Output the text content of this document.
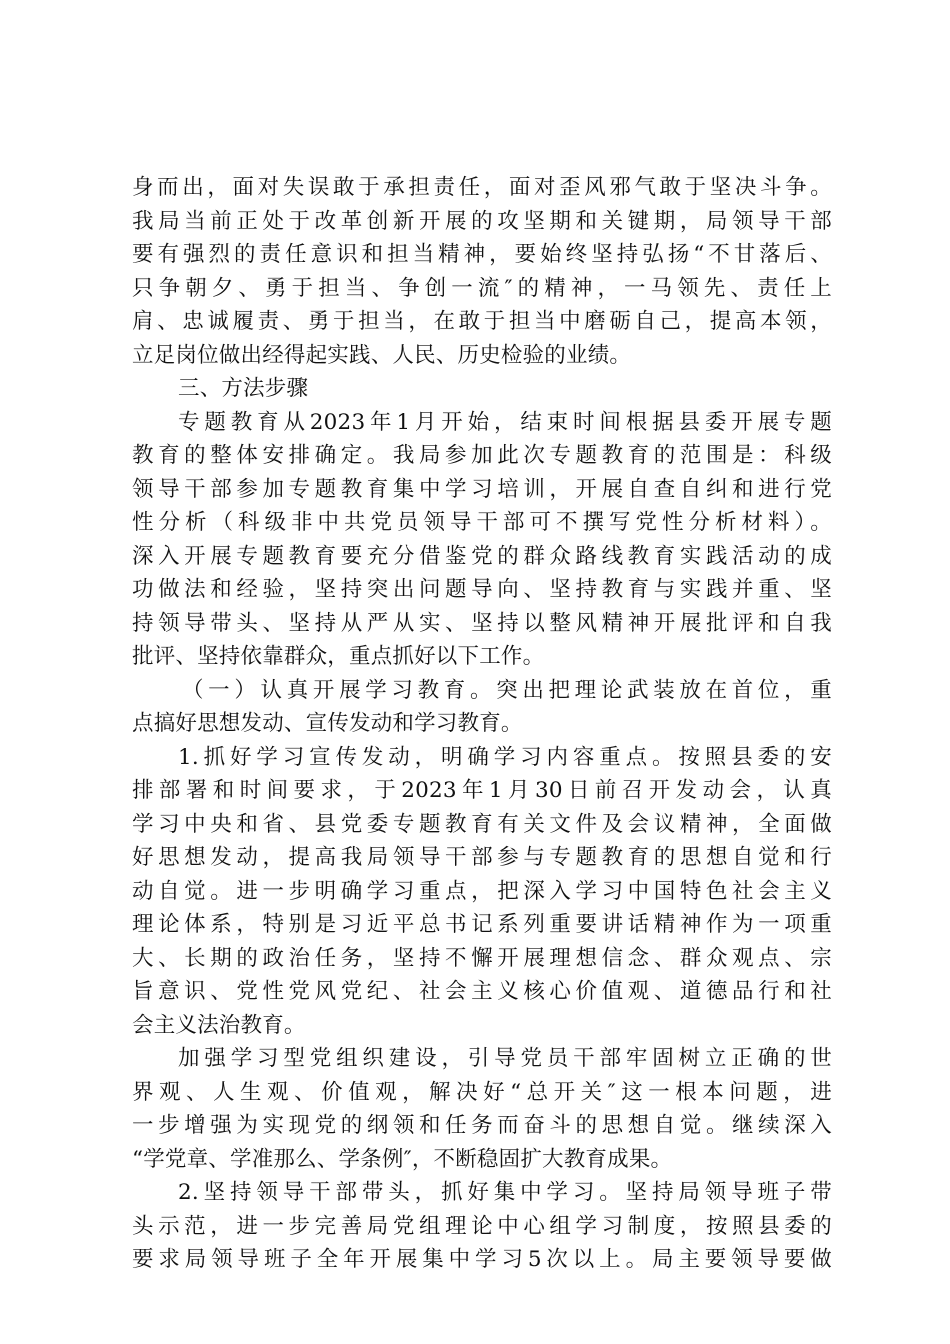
身而出，面对失误敢于承担责任，面对歪风邪气敢于坚决斗争。
我局当前正处于改革创新开展的攻坚期和关键期，局领导干部
要有强烈的责任意识和担当精神，要始终坚持弘扬“不甘落后、
只争朝夕、勇于担当、争创一流″的精神，一马领先、责任上
肩、忠诚履责、勇于担当，在敢于担当中磨砺自己，提高本领，
立足岗位做出经得起实践、人民、历史检验的业绩。
三、方法步骤
专题教育从2023年1月开始，结束时间根据县委开展专题
教育的整体安排确定。我局参加此次专题教育的范围是：科级
领导干部参加专题教育集中学习培训，开展自查自纠和进行党
性分析（科级非中共党员领导干部可不撰写党性分析材料）。
深入开展专题教育要充分借鉴党的群众路线教育实践活动的成
功做法和经验，坚持突出问题导向、坚持教育与实践并重、坚
持领导带头、坚持从严从实、坚持以整风精神开展批评和自我
批评、坚持依靠群众，重点抓好以下工作。
（一）认真开展学习教育。突出把理论武装放在首位，重
点搞好思想发动、宣传发动和学习教育。
1.抓好学习宣传发动，明确学习内容重点。按照县委的安
排部署和时间要求，于2023年1月30日前召开发动会，认真
学习中央和省、县党委专题教育有关文件及会议精神，全面做
好思想发动，提高我局领导干部参与专题教育的思想自觉和行
动自觉。进一步明确学习重点，把深入学习中国特色社会主义
理论体系，特别是习近平总书记系列重要讲话精神作为一项重
大、长期的政治任务，坚持不懈开展理想信念、群众观点、宗
旨意识、党性党风党纪、社会主义核心价值观、道德品行和社
会主义法治教育。
加强学习型党组织建设，引导党员干部牢固树立正确的世
界观、人生观、价值观，解决好“总开关″这一根本问题，进
一步增强为实现党的纲领和任务而奋斗的思想自觉。继续深入
“学党章、学准那么、学条例″，不断稳固扩大教育成果。
2.坚持领导干部带头，抓好集中学习。坚持局领导班子带
头示范，进一步完善局党组理论中心组学习制度，按照县委的
要求局领导班子全年开展集中学习5次以上。局主要领导要做
